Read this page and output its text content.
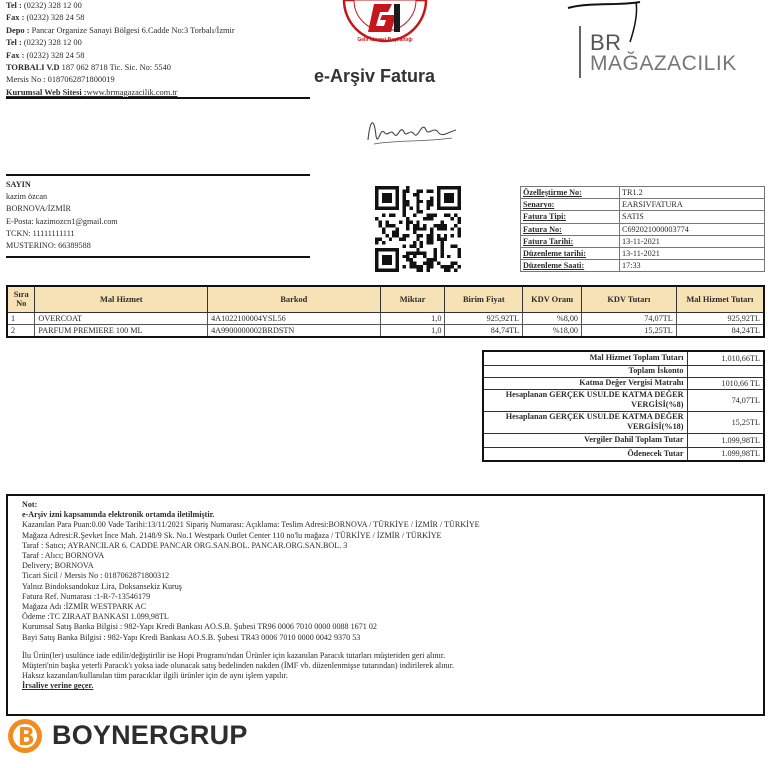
Tel : (0232) 328 12 00
Fax : (0232) 328 24 58
Depo : Pancar Organize Sanayi Bölgesi 6.Cadde No:3 Torbalı/İzmir
Tel : (0232) 328 12 00
Fax : (0232) 328 24 58
TORBALI V.D 187 062 8718 Tic. Sic. No: 5540
Mersis No : 0187062871800019
Kurumsal Web Sitesi :www.brmagazacilik.com.tr
Gelir İdaresi Başkanlığı
e-Arşiv Fatura
BR
MAĞAZACILIK
SAYIN
kazim özcan
BORNOVA/İZMİR
E-Posta: kazimozcn1@gmail.com
TCKN: 11111111111
MUSTERINO: 66389588
Özelleştirme No:	TR1.2
Senaryo:	EARSIVFATURA
Fatura Tipi:	SATIS
Fatura No:	C692021000003774
Fatura Tarihi:	13-11-2021
Düzenleme tarihi:	13-11-2021
Düzenleme Saati:	17:33
Sıra No	Mal Hizmet	Barkod	Miktar	Birim Fiyat	KDV Oranı	KDV Tutarı	Mal Hizmet Tutarı
1	OVERCOAT	4A1022100004YSL56	1,0	925,92TL	%8,00	74,07TL	925,92TL
2	PARFUM PREMIERE 100 ML	4A9900000002BRDSTN	1,0	84,74TL	%18,00	15,25TL	84,24TL
Mal Hizmet Toplam Tutarı	1.010,66TL
Toplam İskonto	
Katma Değer Vergisi Matrahı	1010,66 TL
Hesaplanan GERÇEK USULDE KATMA DEĞER VERGİSİ(%8)	74,07TL
Hesaplanan GERÇEK USULDE KATMA DEĞER VERGİSİ(%18)	15,25TL
Vergiler Dahil Toplam Tutar	1.099,98TL
Ödenecek Tutar	1.099,98TL
Not:
e-Arşiv izni kapsamında elektronik ortamda iletilmiştir.
Kazanılan Para Puan:0.00 Vade Tarihi:13/11/2021 Sipariş Numarası: Açıklama: Teslim Adresi:BORNOVA / TÜRKİYE / İZMİR / TÜRKİYE
Mağaza Adresi:R.Şevket İnce Mah. 2148/9 Sk. No.1 Westpark Outlet Center 110 no'lu mağaza / TÜRKİYE / İZMİR / TÜRKİYE
Taraf : Satıcı; AYRANCILAR 6. CADDE PANCAR ORG.SAN.BOL. PANCAR.ORG.SAN.BOL. 3
Taraf : Alıcı; BORNOVA
Delivery; BORNOVA
Ticari Sicil / Mersis No : 0187062871800312
Yalnız Bindoksandokuz Lira, Doksansekiz Kuruş
Fatura Ref. Numarası :1-R-7-13546179
Mağaza Adı :İZMİR WESTPARK AC
Ödeme :TC ZIRAAT BANKASI 1.099,98TL
Kurumsal Satış Banka Bilgisi : 982-Yapı Kredi Bankası AO.S.B. Şubesi TR96 0006 7010 0000 0088 1671 02
Bayi Satış Banka Bilgisi : 982-Yapı Kredi Bankası AO.S.B. Şubesi TR43 0006 7010 0000 0042 9370 53
İlu Ürün(ler) usulünce iade edilir/değiştirilir ise Hopi Programı'ndan Ürünler için kazanılan Paracık tutarları müşteriden geri alınır.
Müşteri'nin başka yeterli Paracık'ı yoksa iade olunacak satış bedelinden nakden (İMF vb. düzenlenmişse tutarından) indirilerek alınır.
Haksız kazanılan/kullanılan tüm paracıklar ilgili ürünler için de aynı işlem yapılır.
İrsaliye yerine geçer.
BOYNERGRUP
